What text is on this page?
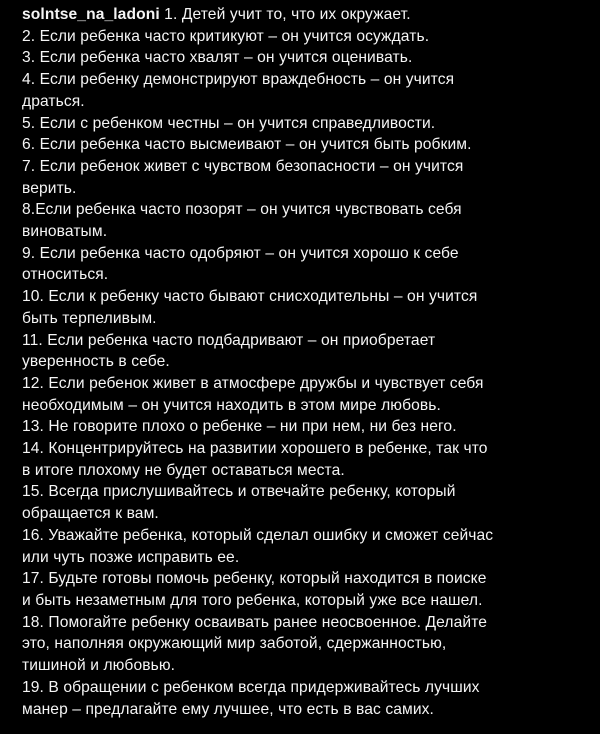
solntse_na_ladoni 1. Детей учит то, что их окружает.
2. Если ребенка часто критикуют – он учится осуждать.
3. Если ребенка часто хвалят – он учится оценивать.
4. Если ребенку демонстрируют враждебность – он учится
драться.
5. Если с ребенком честны – он учится справедливости.
6. Если ребенка часто высмеивают – он учится быть робким.
7. Если ребенок живет с чувством безопасности – он учится
верить.
8.Если ребенка часто позорят – он учится чувствовать себя
виноватым.
9. Если ребенка часто одобряют – он учится хорошо к себе
относиться.
10. Если к ребенку часто бывают снисходительны – он учится
быть терпеливым.
11. Если ребенка часто подбадривают – он приобретает
уверенность в себе.
12. Если ребенок живет в атмосфере дружбы и чувствует себя
необходимым – он учится находить в этом мире любовь.
13. Не говорите плохо о ребенке – ни при нем, ни без него.
14. Концентрируйтесь на развитии хорошего в ребенке, так что
в итоге плохому не будет оставаться места.
15. Всегда прислушивайтесь и отвечайте ребенку, который
обращается к вам.
16. Уважайте ребенка, который сделал ошибку и сможет сейчас
или чуть позже исправить ее.
17. Будьте готовы помочь ребенку, который находится в поиске
и быть незаметным для того ребенка, который уже все нашел.
18. Помогайте ребенку осваивать ранее неосвоенное. Делайте
это, наполняя окружающий мир заботой, сдержанностью,
тишиной и любовью.
19. В обращении с ребенком всегда придерживайтесь лучших
манер – предлагайте ему лучшее, что есть в вас самих.
